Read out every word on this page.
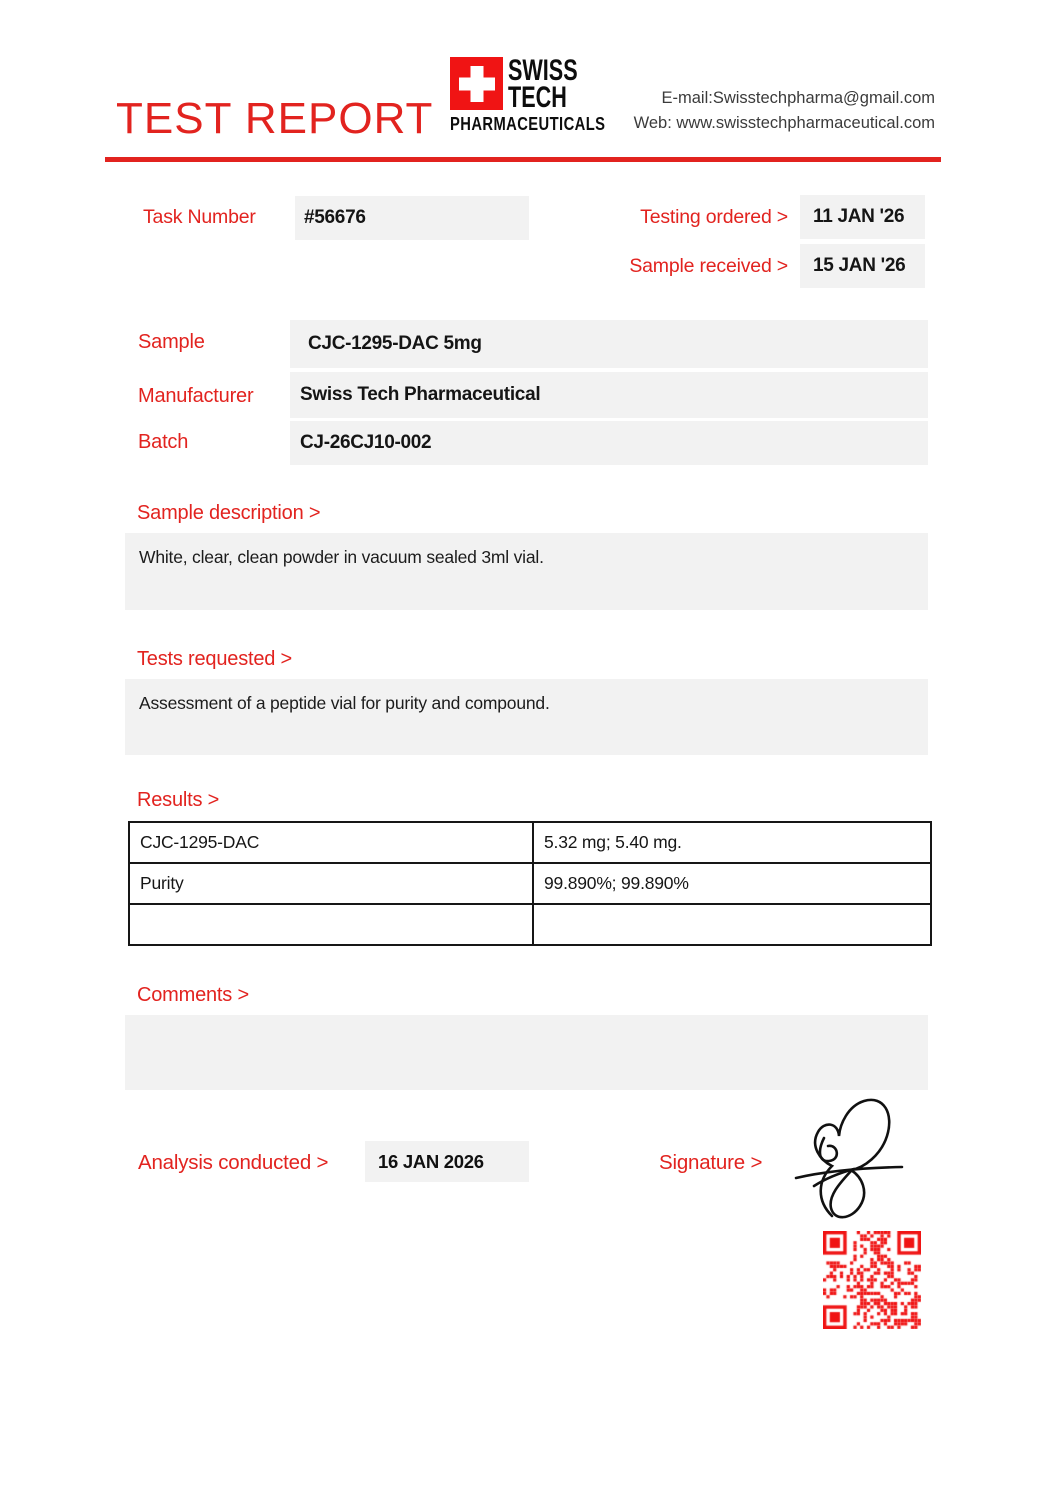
TEST REPORT
SWISS
TECH
PHARMACEUTICALS
E-mail:Swisstechpharma@gmail.com
Web: www.swisstechpharmaceutical.com
Task Number	#56676	Testing ordered >	11 JAN '26
Sample received >	15 JAN '26
Sample	CJC-1295-DAC 5mg
Manufacturer	Swiss Tech Pharmaceutical
Batch	CJ-26CJ10-002
Sample description >
White, clear, clean powder in vacuum sealed 3ml vial.
Tests requested >
Assessment of a peptide vial for purity and compound.
Results >
CJC-1295-DAC	5.32 mg; 5.40 mg.
Purity	99.890%; 99.890%

Comments >
Analysis conducted >	16 JAN 2026	Signature >
